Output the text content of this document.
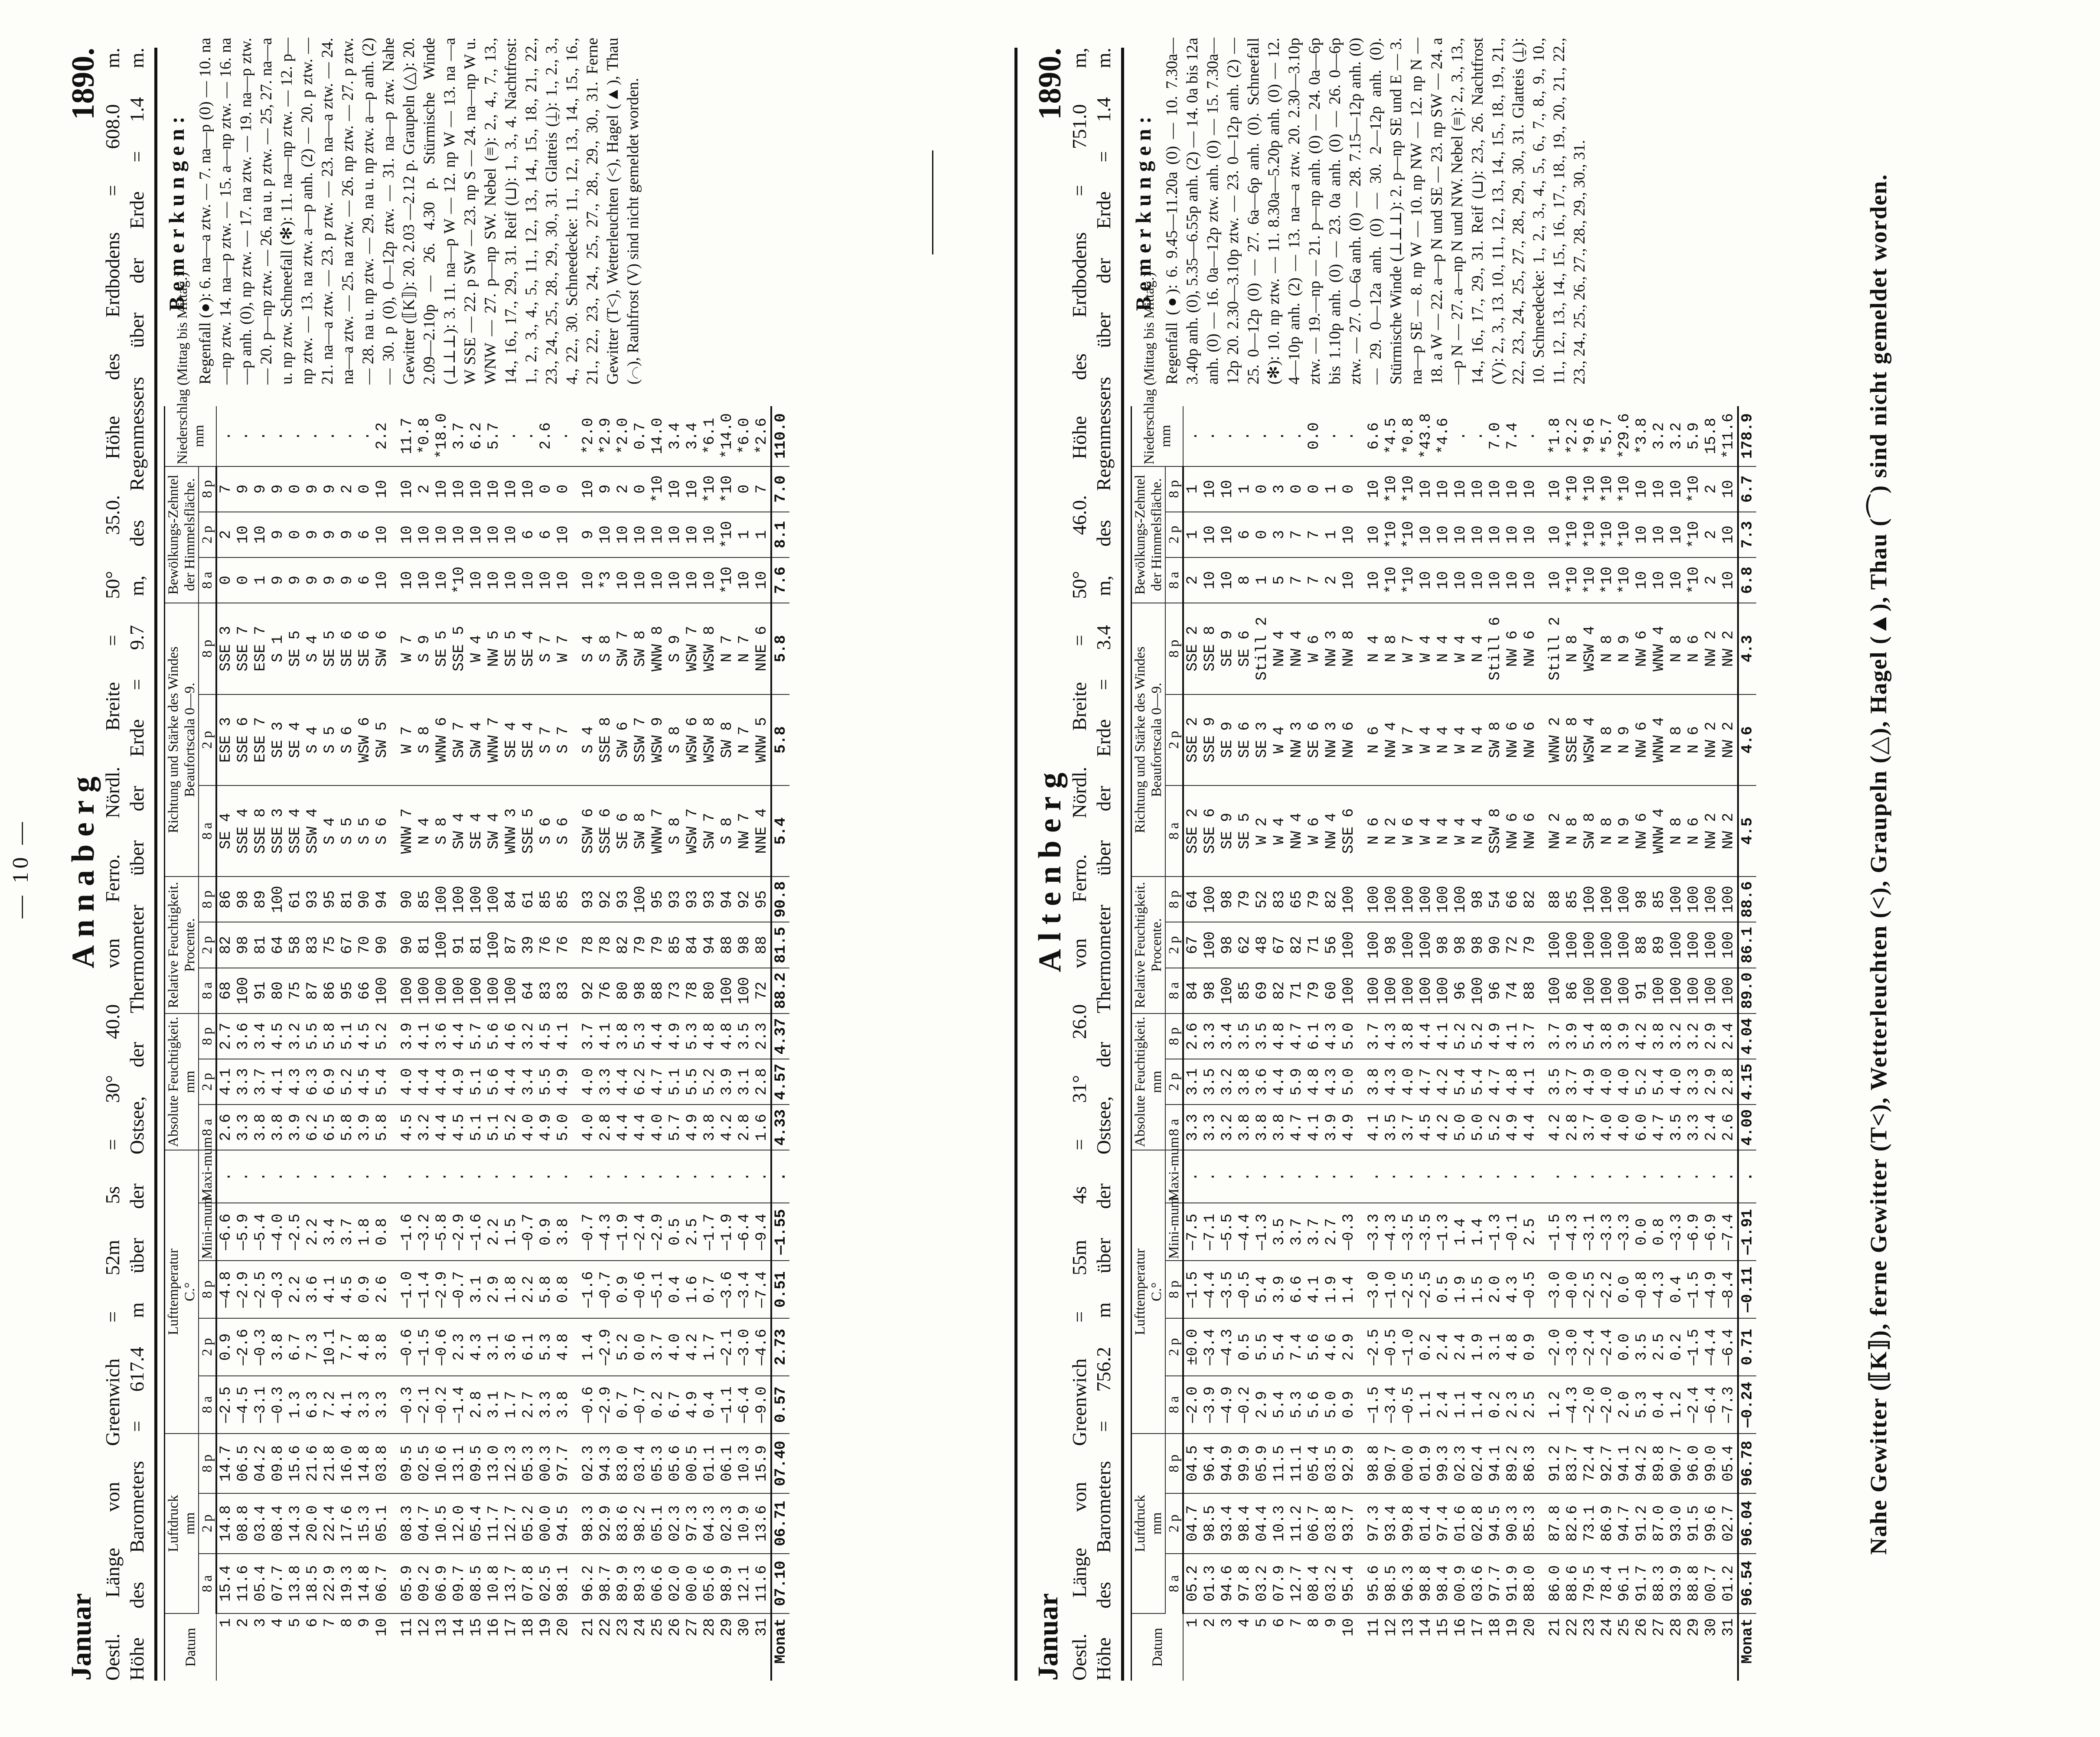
— 10 —
Januar
Annaberg
1890. Oestl. Länge von Greenwich = 52m 5s = 30° 40.0 von Ferro. Nördl. Breite = 50° 35.0. Höhe des Erdbodens = 608.0 m. Höhe des Barometers = 617.4 m über der Ostsee, der Thermometer über der Erde = 9.7 m, des Regenmessers über der Erde = 1.4 m. Datum	Luftdruck
mm			Lufttemperatur
C.°					Absolute Feuchtigkeit.
mm			Relative Feuchtigkeit.
Procente.			Richtung und Stärke des Windes
Beaufortscala 0—9.			Bewölkungs-Zehntel
der Himmelsfläche.			Niederschlag (Mittag bis Mittag.)
mm
	8 a	2 p	8 p	8 a	2 p	8 p	Mini-mum	Maxi-mum	8 a	2 p	8 p	8 a	2 p	8 p	8 a	2 p	8 p	8 a	2 p	8 p	
1	15.4	14.8	14.7	—2.5	0.9	—4.8	—6.6	.	2.6	4.1	2.7	68	82	86	SE 4	ESE 3	SSE 3	0	2	7	.
2	11.6	08.8	06.5	—4.5	—2.6	—2.9	—5.9	.	3.3	3.3	3.6	100	98	98	SSE 4	SSE 6	SSE 7	0	10	9	.
3	05.4	03.4	04.2	—3.1	—0.3	—2.5	—5.4	.	3.8	3.7	3.4	91	81	89	SSE 8	ESE 7	ESE 7	1	10	9	.
4	07.7	08.4	09.8	—0.3	3.8	—0.3	—4.0	.	3.8	4.1	4.5	80	64	100	SSE 3	SE 3	S 1	9	9	9	.
5	13.8	14.3	15.6	1.3	6.7	2.2	—2.5	.	3.9	4.3	3.2	75	58	61	SSE 4	SE 4	SE 5	9	0	0	.
6	18.5	20.0	21.6	6.3	7.3	3.6	2.2	.	6.2	6.3	5.5	87	83	93	SSW 4	S 4	S 4	9	9	9	.
7	22.9	22.4	21.8	7.2	10.1	4.1	3.4	.	6.5	6.9	5.8	86	75	95	S 4	S 5	SE 5	9	9	9	.
8	19.3	17.6	16.0	4.1	7.7	4.5	3.7	.	5.8	5.2	5.1	95	67	81	S 5	S 6	SE 6	9	9	2	.
9	14.8	15.3	14.8	3.3	4.8	0.9	1.8	.	3.9	4.5	4.5	66	70	90	S 5	WSW 6	SE 6	6	6	0	.
10	06.7	05.1	03.8	3.3	3.8	2.6	0.8	.	5.8	5.4	5.2	100	90	94	S 6	SW 5	SW 6	10	10	10	2.2

11	05.9	08.3	09.5	—0.3	—0.6	—1.0	—1.6	.	4.5	4.0	3.9	100	90	90	WNW 7	W 7	W 7	10	10	10	11.7
12	09.2	04.7	02.5	—2.1	—1.5	—1.4	—3.2	.	3.2	4.4	4.1	100	81	85	N 4	S 8	S 9	10	10	2	*0.8
13	06.9	10.5	10.6	—0.2	—0.6	—2.9	—5.8	.	4.4	4.4	3.6	100	100	100	S 8	WNW 6	SE 5	10	10	10	*18.0
14	09.7	12.0	13.1	—1.4	2.3	—0.7	—2.9	.	4.5	4.9	4.4	100	91	100	SW 4	SW 7	SSE 5	*10	10	10	3.7
15	08.5	05.4	09.5	2.8	4.3	3.1	—1.6	.	5.1	5.1	5.7	100	81	100	SE 4	SW 4	W 4	10	10	10	6.2
16	10.8	11.7	13.0	3.1	3.1	2.9	2.2	.	5.1	5.6	5.6	100	100	100	SW 4	WNW 7	NW 5	10	10	10	5.7
17	13.7	12.7	12.3	1.7	3.6	1.8	1.5	.	5.2	4.4	4.6	100	87	84	WNW 3	SE 4	SE 5	10	10	10	.
18	07.8	05.2	05.3	2.7	6.1	2.2	—0.7	.	4.0	3.4	3.2	64	39	61	SSE 5	SE 4	SE 4	10	6	10	.
19	02.5	00.0	00.3	3.3	5.3	5.8	0.9	.	4.9	5.5	4.5	83	76	85	S 6	S 7	S 7	10	6	0	2.6
20	98.1	94.5	97.7	3.8	4.8	0.8	3.8	.	5.0	4.9	4.1	83	76	85	S 6	S 7	W 7	10	10	0	.

21	96.2	98.3	02.3	—0.6	1.4	—1.6	—0.7	.	4.0	4.0	3.7	92	78	93	SSW 6	S 4	S 4	10	9	10	*2.0
22	98.7	92.9	94.3	—2.9	—2.9	—0.7	—4.3	.	2.8	3.3	4.1	76	78	92	SSE 6	SSE 8	S 8	*3	10	9	*2.9
23	89.9	83.6	83.0	0.7	5.2	0.9	—1.9	.	4.4	4.4	3.8	80	82	93	SE 6	SW 6	SW 7	10	10	2	*2.0
24	89.3	98.2	03.4	—0.7	0.0	—0.6	—2.4	.	4.4	6.2	5.3	98	79	100	SW 8	SSW 7	SW 8	10	10	0	0.7
25	06.6	05.1	05.3	0.2	3.7	—5.1	—2.9	.	4.0	4.7	4.4	88	79	95	WNW 7	WSW 9	WNW 8	10	10	*10	14.0
26	02.0	02.3	05.6	6.7	4.0	0.4	0.5	.	5.7	5.1	4.9	73	85	93	S 8	S 8	S 9	10	10	10	3.4
27	00.0	97.3	00.5	4.9	4.2	1.6	2.5	.	4.9	5.5	5.3	78	84	93	WSW 7	WSW 6	WSW 7	10	10	10	3.4
28	05.6	04.3	01.1	0.4	1.7	0.7	—1.7	.	3.8	5.2	4.8	80	94	93	SW 7	WSW 8	WSW 8	10	10	*10	*6.1
29	98.9	02.3	06.1	—1.1	—2.1	—3.6	—1.9	.	4.2	3.9	4.8	100	88	94	S 8	SW 8	N 7	*10	*10	*10	*14.0
30	12.1	10.9	10.3	—6.4	—3.0	—3.4	—6.4	.	2.8	3.1	3.5	100	98	92	NW 7	N 7	N 7	10	1	0	*6.0
31	11.6	13.6	15.9	—9.0	—4.6	—7.4	—9.4	.	1.6	2.8	2.3	72	88	95	NNE 4	WNW 5	NNE 6	10	1	7	*2.6
Monat	07.10	06.71	07.40	0.57	2.73	0.51	—1.55	.	4.33	4.57	4.37	88.2	81.5	90.8	5.4	5.8	5.8	7.6	8.1	7.0	110.0
Bemerkungen: Regenfall (●): 6. na—a ztw. — 7. na—p (0) — 10. na—np ztw. 14. na—p ztw. — 15. a—np ztw. — 16. na—p anh. (0), np ztw. — 17. na ztw. — 19. na—p ztw. — 20. p—np ztw. — 26. na u. p ztw. — 25, 27. na—a u. np ztw. Schneefall (✻): 11. na—np ztw. — 12. p—np ztw. — 13. na ztw. a—p anh. (2) — 20. p ztw. — 21. na—a ztw. — 23. p ztw. — 23. na—a ztw. — 24. na—a ztw. — 25. na ztw. — 26. np ztw. — 27. p ztw. — 28. na u. np ztw. — 29. na u. np ztw. a—p anh. (2) — 30. p (0), 0—12p ztw. — 31. na—p ztw. Nahe Gewitter (⟦K⟧): 20. 2.03 —2.12 p. Graupeln (△): 20. 2.09—2.10p — 26. 4.30 p. Stürmische Winde (⊥⊥⊥): 3. 11. na—p W — 12. np W — 13. na —a W SSE — 22. p SW — 23. np S — 24. na—np W u. WNW — 27. p—np SW. Nebel (≡): 2., 4., 7., 13., 14., 16., 17., 29., 31. Reif (⊔): 1., 3., 4. Nachtfrost: 1., 2., 3., 4., 5., 11., 12., 13., 14., 15., 18., 21., 22., 23., 24., 25., 28., 29., 30., 31. Glatteis (⍊): 1., 2., 3., 4., 22., 30. Schneedecke: 11., 12., 13., 14., 15., 16., 21., 22., 23., 24., 25., 27., 28., 29., 30., 31. Ferne Gewitter (T<), Wetterleuchten (<), Hagel (▲), Thau (⌒), Rauhfrost (V) sind nicht gemeldet worden.
Januar
Altenberg
1890. Oestl. Länge von Greenwich = 55m 4s = 31° 26.0 von Ferro. Nördl. Breite = 50° 46.0. Höhe des Erdbodens = 751.0 m, Höhe des Barometers = 756.2 m über der Ostsee, der Thermometer über der Erde = 3.4 m, des Regenmessers über der Erde = 1.4 m. Datum	Luftdruck
mm			Lufttemperatur
C.°					Absolute Feuchtigkeit.
mm			Relative Feuchtigkeit.
Procente.			Richtung und Stärke des Windes
Beaufortscala 0—9.			Bewölkungs-Zehntel
der Himmelsfläche.			Niederschlag (Mittag bis Mittag.)
mm
	8 a	2 p	8 p	8 a	2 p	8 p	Mini-mum	Maxi-mum	8 a	2 p	8 p	8 a	2 p	8 p	8 a	2 p	8 p	8 a	2 p	8 p	
1	05.2	04.7	04.5	—2.0	±0.0	—1.5	—7.5	.	3.3	3.1	2.6	84	67	64	SSE 2	SSE 2	SSE 2	2	1	1	.
2	01.3	98.5	96.4	—3.9	—3.4	—4.4	—7.1	.	3.3	3.5	3.3	98	100	100	SSE 6	SSE 9	SSE 8	10	10	10	.
3	94.6	93.4	94.9	—4.9	—4.3	—3.5	—5.5	.	3.2	3.2	3.4	100	98	98	SE 9	SE 9	SE 9	10	10	10	.
4	97.8	98.4	99.9	—0.2	0.5	—0.5	—4.4	.	3.8	3.8	3.5	85	62	79	SE 5	SE 6	SE 6	8	6	1	.
5	03.2	04.4	05.9	2.9	5.5	5.4	—1.3	.	3.8	3.6	3.5	69	48	52	W 2	SE 3	Still 2	1	0	0	.
6	07.9	10.3	11.5	5.4	5.4	3.9	3.5	.	3.8	4.4	4.8	82	67	83	W 4	W 4	NW 4	5	3	3	.
7	12.7	11.2	11.1	5.3	7.4	6.6	3.7	.	4.7	5.9	4.7	71	82	65	NW 4	NW 3	NW 4	7	7	0	.
8	08.4	06.7	05.4	5.6	5.6	4.1	3.7	.	4.1	4.8	6.1	79	71	79	W 6	SE 6	W 6	7	7	0	0.0
9	03.2	03.8	03.5	5.0	4.6	1.9	2.7	.	3.9	4.3	4.3	60	56	82	NW 4	NW 3	NW 3	2	1	1	.
10	95.4	93.7	92.9	0.9	2.9	1.4	—0.3	.	4.9	5.0	5.0	100	100	100	SSE 6	NW 6	NW 8	10	10	0	.

11	95.6	97.3	98.8	—1.5	—2.5	—3.0	—3.3	.	4.1	3.8	3.7	100	100	100	N 6	N 6	N 4	10	10	10	6.6
12	98.5	93.4	90.7	—3.4	—0.5	—1.0	—4.3	.	3.5	4.3	4.3	100	98	100	N 2	NW 4	N 8	*10	*10	*10	*4.5
13	96.3	99.8	00.0	—0.5	—1.0	—2.5	—3.5	.	3.7	4.0	3.8	100	100	100	W 6	W 7	W 7	*10	*10	*10	*0.8
14	98.8	01.4	01.9	1.1	0.2	—2.5	—3.5	.	4.5	4.7	4.4	100	100	100	W 4	W 4	W 4	10	10	10	*43.8
15	98.4	97.4	99.3	2.4	2.4	0.5	—1.3	.	4.2	4.2	4.1	100	98	100	N 4	N 4	N 4	10	10	10	*4.6
16	00.9	01.6	02.3	1.1	2.4	1.9	1.4	.	5.0	5.4	5.2	96	98	100	W 4	W 4	W 4	10	10	10	.
17	03.6	02.8	02.4	1.4	1.9	1.5	1.4	.	5.0	5.4	5.2	100	98	98	N 4	N 4	N 4	10	10	10	.
18	97.7	94.5	94.1	0.2	3.1	2.0	—1.3	.	5.2	4.7	4.9	96	90	54	SSW 8	SW 8	Still 6	10	10	10	7.0
19	91.9	90.3	89.2	2.3	4.8	4.3	—0.1	.	4.9	4.8	4.1	74	72	66	NW 6	NW 6	NW 6	10	10	10	7.4
20	88.0	85.3	86.3	2.5	0.9	—0.5	2.5	.	4.4	4.1	3.7	88	79	82	NW 6	NW 6	NW 6	10	10	10	.

21	86.0	87.8	91.2	1.2	—2.0	—3.0	—1.5	.	4.2	3.5	3.7	100	100	88	NW 2	WNW 2	Still 2	10	10	10	*1.8
22	88.6	82.6	83.7	—4.3	—3.0	—0.0	—4.3	.	2.8	3.7	3.9	86	100	85	N 8	SSE 8	N 8	*10	*10	*10	*2.2
23	79.5	73.1	72.4	—2.0	—2.4	—2.5	—3.1	.	3.7	4.9	5.4	100	100	100	SW 8	WSW 4	WSW 4	*10	*10	*10	*9.6
24	78.4	86.9	92.7	—2.0	—2.4	—2.2	—3.3	.	4.0	4.0	3.8	100	100	100	N 8	N 8	N 8	*10	*10	*10	*5.7
25	96.1	94.7	94.1	2.0	0.0	0.0	—3.3	.	4.0	4.0	3.9	100	100	100	N 9	N 9	N 9	*10	*10	*10	*29.6
26	91.7	91.2	94.2	5.3	3.5	—0.8	0.0	.	6.0	5.2	4.2	91	88	98	NW 6	NW 6	NW 6	10	10	10	*3.8
27	88.3	87.0	89.8	0.4	2.5	—4.3	0.8	.	4.7	5.4	3.8	100	89	85	WNW 4	WNW 4	WNW 4	10	10	10	3.2
28	93.9	93.0	90.7	1.2	0.2	0.4	—3.3	.	3.5	4.0	3.2	100	100	100	N 8	N 8	N 8	10	10	10	3.2
29	88.8	91.5	96.0	—2.4	—1.5	—1.5	—6.9	.	3.3	3.3	3.2	100	100	100	N 6	N 6	N 6	*10	*10	*10	5.9
30	00.7	99.6	99.0	—6.4	—4.4	—4.9	—6.9	.	2.4	2.9	2.9	100	100	100	NW 2	NW 2	NW 2	2	2	2	15.8
31	01.2	02.7	05.4	—7.3	—6.4	—8.4	—7.4	.	2.6	2.8	2.4	100	100	100	NW 2	NW 2	NW 2	10	10	10	*11.6
Monat	96.54	96.04	96.78	—0.24	0.71	—0.11	—1.91	.	4.00	4.15	4.04	89.0	86.1	88.6	4.5	4.6	4.3	6.8	7.3	6.7	178.9
Bemerkungen: Regenfall (●): 6. 9.45—11.20a (0) — 10. 7.30a—3.40p anh. (0), 5.35—6.55p anh. (2) — 14. 0a bis 12a anh. (0) — 16. 0a—12p ztw. anh. (0) — 15. 7.30a—12p 20. 2.30—3.10p ztw. — 23. 0—12p anh. (2) — 25. 0—12p (0) — 27. 6a—6p anh. (0). Schneefall (✻): 10. np ztw. — 11. 8.30a—5.20p anh. (0) — 12. 4—10p anh. (2) — 13. na—a ztw. 20. 2.30—3.10p ztw. — 19.—np — 21. p—np anh. (0) — 24. 0a—6p bis 1.10p anh. (0) — 23. 0a anh. (0) — 26. 0—6p ztw. — 27. 0—6a anh. (0) — 28. 7.15—12p anh. (0) — 29. 0—12a anh. (0) — 30. 2—12p anh. (0). Stürmische Winde (⊥⊥⊥): 2. p—np SE und E — 3. na—p SE — 8. np W — 10. np NW — 12. np N — 18. a W — 22. a—p N und SE — 23. np SW — 24. a—p N — 27. a—np N und NW. Nebel (≡): 2., 3., 13., 14., 16., 17., 29., 31. Reif (⊔): 23., 26. Nachtfrost (V): 2., 3., 13. 10., 11., 12., 13., 14., 15., 18., 19., 21., 22., 23., 24., 25., 27., 28., 29., 30., 31. Glatteis (⍊): 10. Schneedecke: 1., 2., 3., 4., 5., 6., 7., 8., 9., 10., 11., 12., 13., 14., 15., 16., 17., 18., 19., 20., 21., 22., 23., 24., 25., 26., 27., 28., 29., 30., 31.	Nahe Gewitter (⟦K⟧), ferne Gewitter (T<), Wetterleuchten (<), Graupeln (△), Hagel (▲), Thau (⌒) sind nicht gemeldet worden.
